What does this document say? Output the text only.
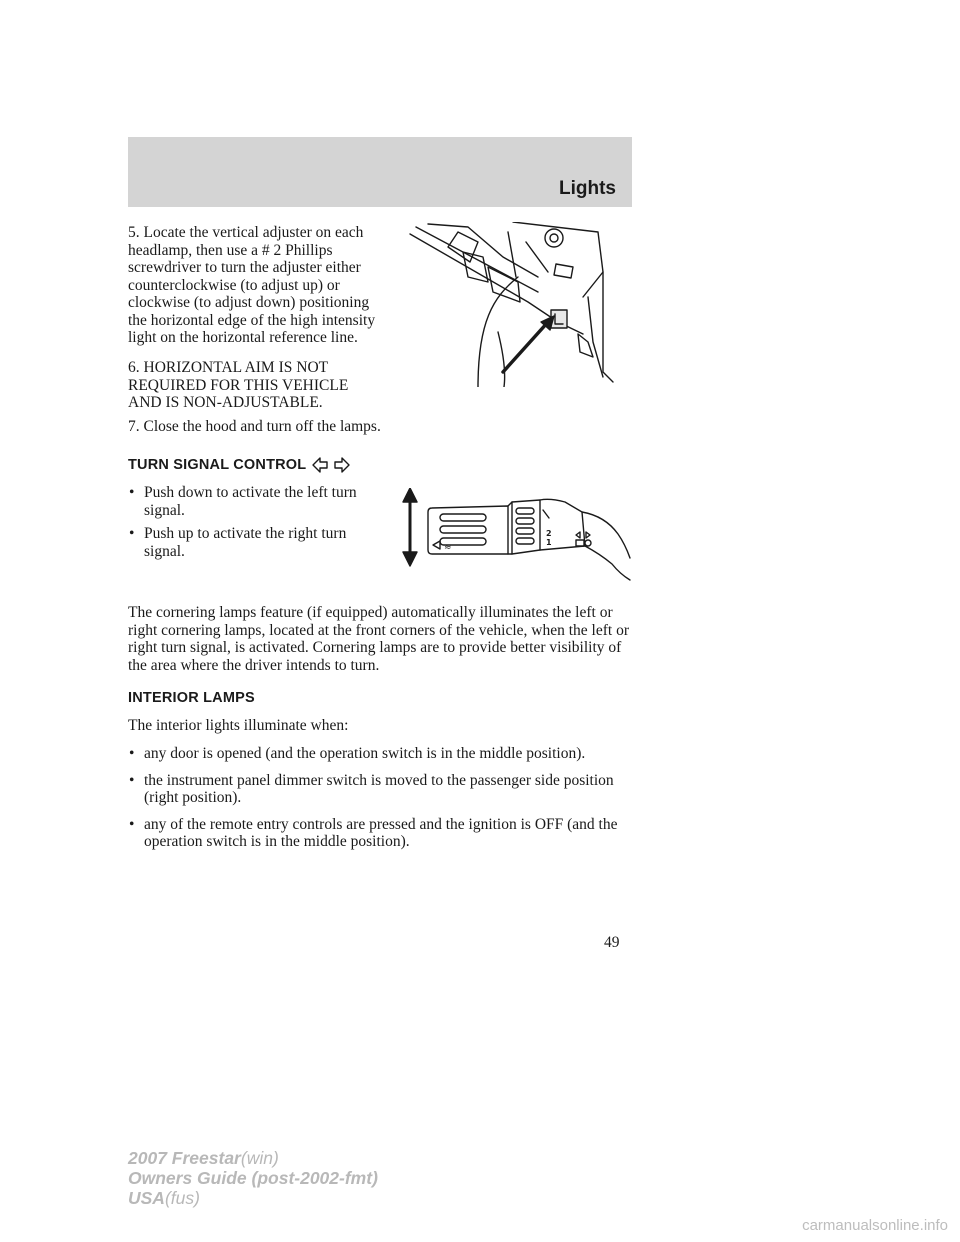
Lights

5. Locate the vertical adjuster on each headlamp, then use a # 2 Phillips screwdriver to turn the adjuster either counterclockwise (to adjust up) or clockwise (to adjust down) positioning the horizontal edge of the high intensity light on the horizontal reference line.

6. HORIZONTAL AIM IS NOT REQUIRED FOR THIS VEHICLE AND IS NON-ADJUSTABLE.

7. Close the hood and turn off the lamps.

TURN SIGNAL CONTROL
• Push down to activate the left turn signal.
• Push up to activate the right turn signal.	≈
2
1

The cornering lamps feature (if equipped) automatically illuminates the left or right cornering lamps, located at the front corners of the vehicle, when the left or right turn signal, is activated. Cornering lamps are to provide better visibility of the area where the driver intends to turn.

INTERIOR LAMPS

The interior lights illuminate when:

• any door is opened (and the operation switch is in the middle position).
• the instrument panel dimmer switch is moved to the passenger side position (right position).
• any of the remote entry controls are pressed and the ignition is OFF (and the operation switch is in the middle position).

49

2007 Freestar(win)
Owners Guide (post-2002-fmt)
USA(fus)

carmanualsonline.info
